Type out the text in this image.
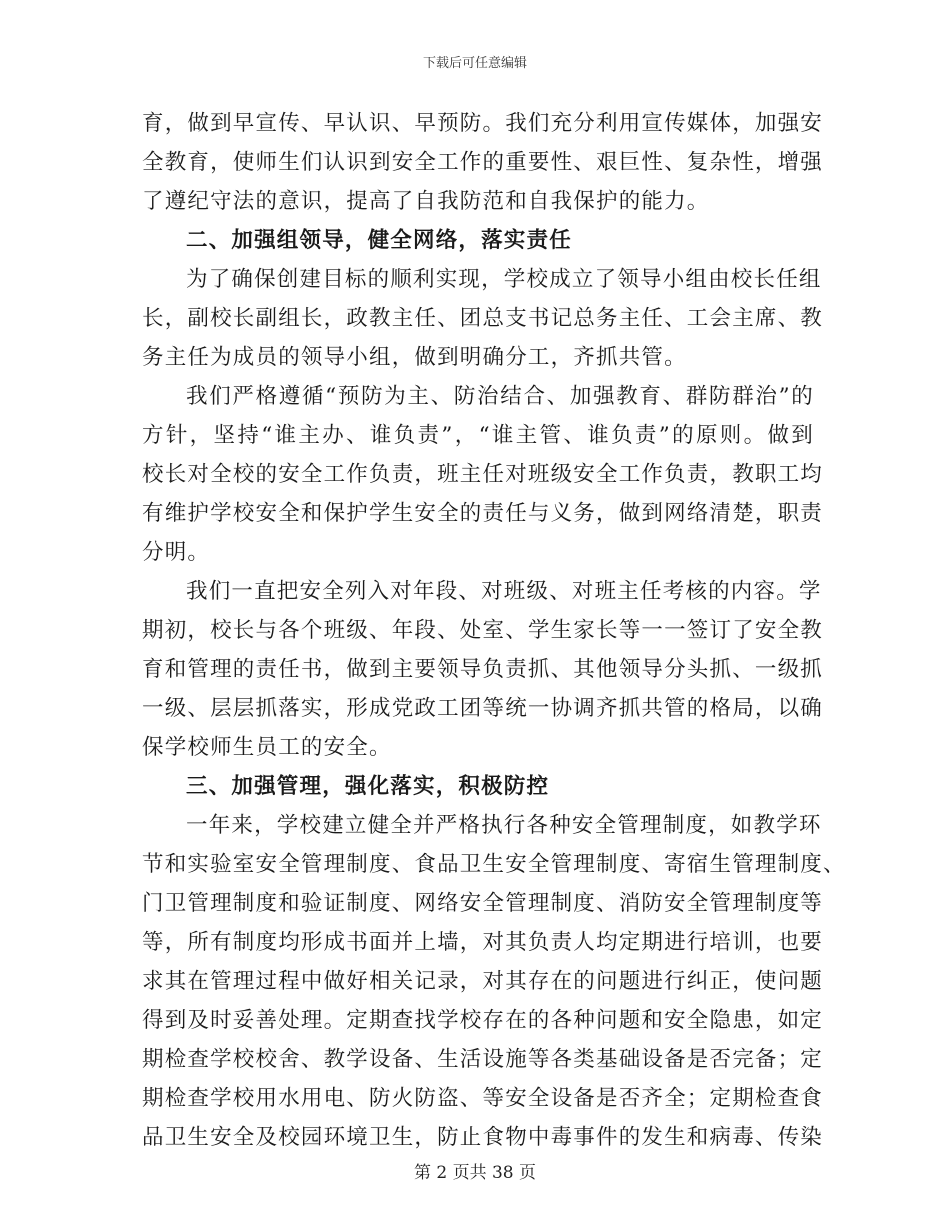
下载后可任意编辑
育，做到早宣传、早认识、早预防。我们充分利用宣传媒体，加强安
全教育，使师生们认识到安全工作的重要性、艰巨性、复杂性，增强
了遵纪守法的意识，提高了自我防范和自我保护的能力。
二、加强组领导，健全网络，落实责任
为了确保创建目标的顺利实现，学校成立了领导小组由校长任组
长，副校长副组长，政教主任、团总支书记总务主任、工会主席、教
务主任为成员的领导小组，做到明确分工，齐抓共管。
我们严格遵循“预防为主、防治结合、加强教育、群防群治”的
方针，坚持“谁主办、谁负责”，“谁主管、谁负责”的原则。做到
校长对全校的安全工作负责，班主任对班级安全工作负责，教职工均
有维护学校安全和保护学生安全的责任与义务，做到网络清楚，职责
分明。
我们一直把安全列入对年段、对班级、对班主任考核的内容。学
期初，校长与各个班级、年段、处室、学生家长等一一签订了安全教
育和管理的责任书，做到主要领导负责抓、其他领导分头抓、一级抓
一级、层层抓落实，形成党政工团等统一协调齐抓共管的格局，以确
保学校师生员工的安全。
三、加强管理，强化落实，积极防控
一年来，学校建立健全并严格执行各种安全管理制度，如教学环
节和实验室安全管理制度、食品卫生安全管理制度、寄宿生管理制度、
门卫管理制度和验证制度、网络安全管理制度、消防安全管理制度等
等，所有制度均形成书面并上墙，对其负责人均定期进行培训，也要
求其在管理过程中做好相关记录，对其存在的问题进行纠正，使问题
得到及时妥善处理。定期查找学校存在的各种问题和安全隐患，如定
期检查学校校舍、教学设备、生活设施等各类基础设备是否完备；定
期检查学校用水用电、防火防盗、等安全设备是否齐全；定期检查食
品卫生安全及校园环境卫生，防止食物中毒事件的发生和病毒、传染
第 2 页共 38 页
